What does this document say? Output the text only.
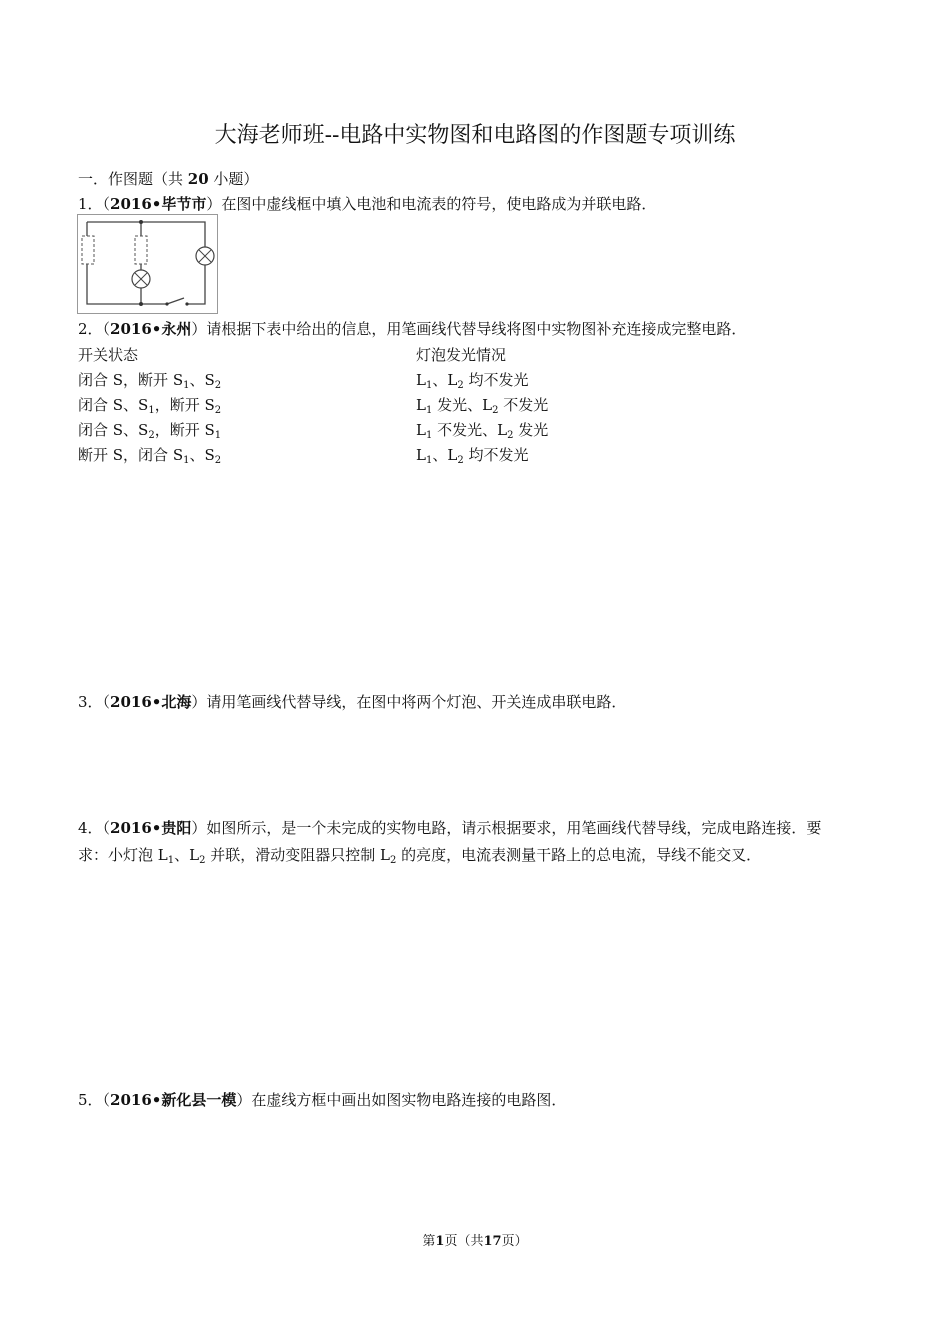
大海老师班--电路中实物图和电路图的作图题专项训练
一．作图题（共 20 小题）
1．（2016•毕节市）在图中虚线框中填入电池和电流表的符号，使电路成为并联电路．
2．（2016•永州）请根据下表中给出的信息，用笔画线代替导线将图中实物图补充连接成完整电路．
开关状态	灯泡发光情况
闭合 S，断开 $S_1$、$S_2$	$L_1$、$L_2$ 均不发光
闭合 S、$S_1$，断开 $S_2$	$L_1$ 发光、$L_2$ 不发光
闭合 S、$S_2$，断开 $S_1$	$L_1$ 不发光、$L_2$ 发光
断开 S，闭合 $S_1$、$S_2$	$L_1$、$L_2$ 均不发光
3．（2016•北海）请用笔画线代替导线，在图中将两个灯泡、开关连成串联电路．
4．（2016•贵阳）如图所示，是一个未完成的实物电路，请示根据要求，用笔画线代替导线，完成电路连接．要
求：小灯泡 $L_1$、$L_2$ 并联，滑动变阻器只控制 $L_2$ 的亮度，电流表测量干路上的总电流，导线不能交叉．
5．（2016•新化县一模）在虚线方框中画出如图实物电路连接的电路图．
第1页（共17页）
